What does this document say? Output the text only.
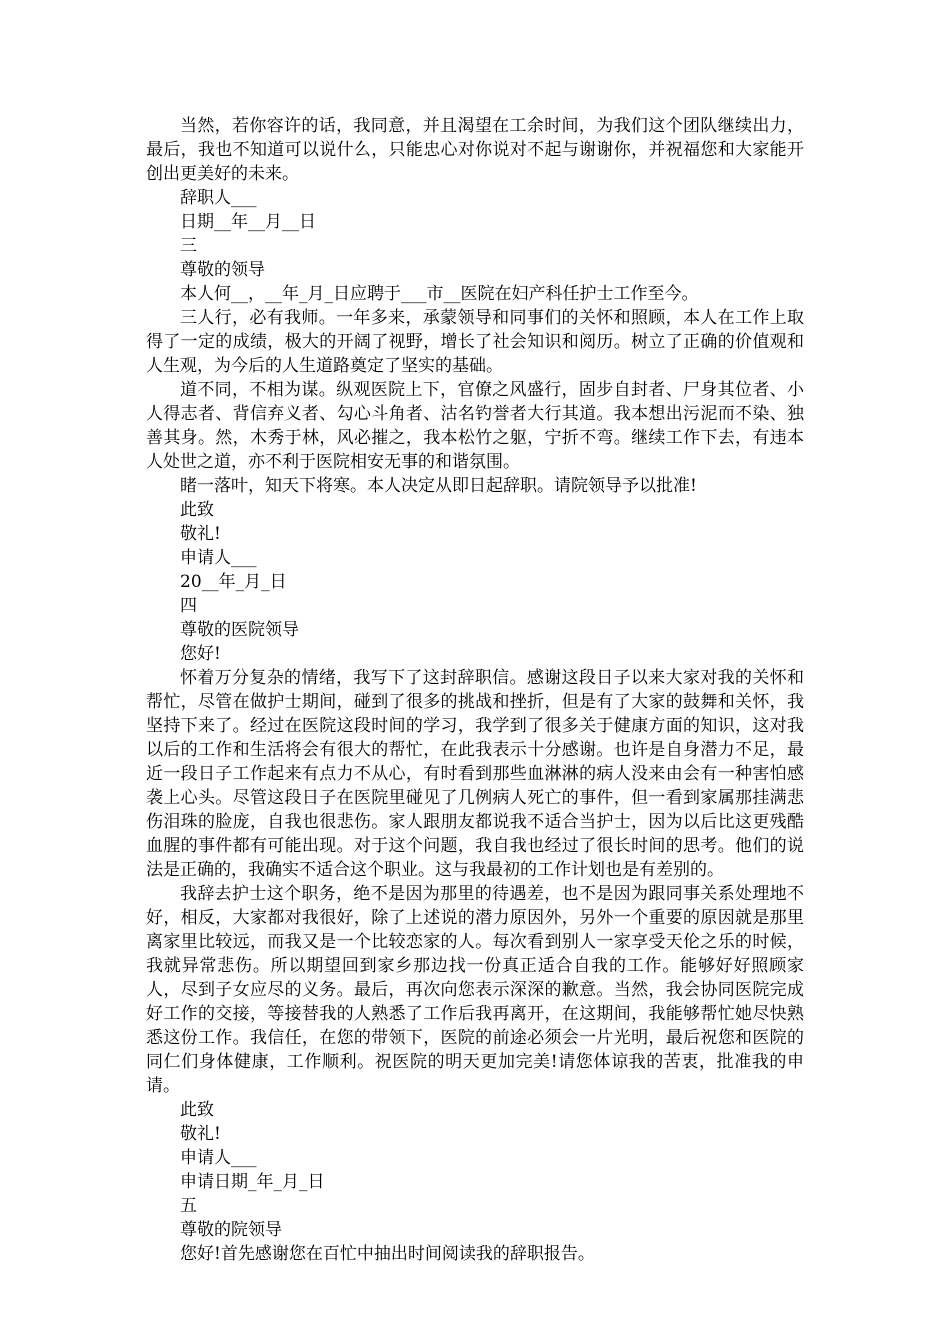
当然，若你容许的话，我同意，并且渴望在工余时间，为我们这个团队继续出力，最后，我也不知道可以说什么，只能忠心对你说对不起与谢谢你，并祝福您和大家能开创出更美好的未来。

辞职人___

日期__年__月__日

三

尊敬的领导

本人何__，__年_月_日应聘于___市__医院在妇产科任护士工作至今。

三人行，必有我师。一年多来，承蒙领导和同事们的关怀和照顾，本人在工作上取得了一定的成绩，极大的开阔了视野，增长了社会知识和阅历。树立了正确的价值观和人生观，为今后的人生道路奠定了坚实的基础。

道不同，不相为谋。纵观医院上下，官僚之风盛行，固步自封者、尸身其位者、小人得志者、背信弃义者、勾心斗角者、沽名钓誉者大行其道。我本想出污泥而不染、独善其身。然，木秀于林，风必摧之，我本松竹之躯，宁折不弯。继续工作下去，有违本人处世之道，亦不利于医院相安无事的和谐氛围。

睹一落叶，知天下将寒。本人决定从即日起辞职。请院领导予以批准!

此致

敬礼!

申请人___

20__年_月_日

四

尊敬的医院领导

您好!

怀着万分复杂的情绪，我写下了这封辞职信。感谢这段日子以来大家对我的关怀和帮忙，尽管在做护士期间，碰到了很多的挑战和挫折，但是有了大家的鼓舞和关怀，我坚持下来了。经过在医院这段时间的学习，我学到了很多关于健康方面的知识，这对我以后的工作和生活将会有很大的帮忙，在此我表示十分感谢。也许是自身潜力不足，最近一段日子工作起来有点力不从心，有时看到那些血淋淋的病人没来由会有一种害怕感袭上心头。尽管这段日子在医院里碰见了几例病人死亡的事件，但一看到家属那挂满悲伤泪珠的脸庞，自我也很悲伤。家人跟朋友都说我不适合当护士，因为以后比这更残酷血腥的事件都有可能出现。对于这个问题，我自我也经过了很长时间的思考。他们的说法是正确的，我确实不适合这个职业。这与我最初的工作计划也是有差别的。

我辞去护士这个职务，绝不是因为那里的待遇差，也不是因为跟同事关系处理地不好，相反，大家都对我很好，除了上述说的潜力原因外，另外一个重要的原因就是那里离家里比较远，而我又是一个比较恋家的人。每次看到别人一家享受天伦之乐的时候，我就异常悲伤。所以期望回到家乡那边找一份真正适合自我的工作。能够好好照顾家人，尽到子女应尽的义务。最后，再次向您表示深深的歉意。当然，我会协同医院完成好工作的交接，等接替我的人熟悉了工作后我再离开，在这期间，我能够帮忙她尽快熟悉这份工作。我信任，在您的带领下，医院的前途必须会一片光明，最后祝您和医院的同仁们身体健康，工作顺利。祝医院的明天更加完美!请您体谅我的苦衷，批准我的申请。

此致

敬礼!

申请人___

申请日期_年_月_日

五

尊敬的院领导

您好!首先感谢您在百忙中抽出时间阅读我的辞职报告。
